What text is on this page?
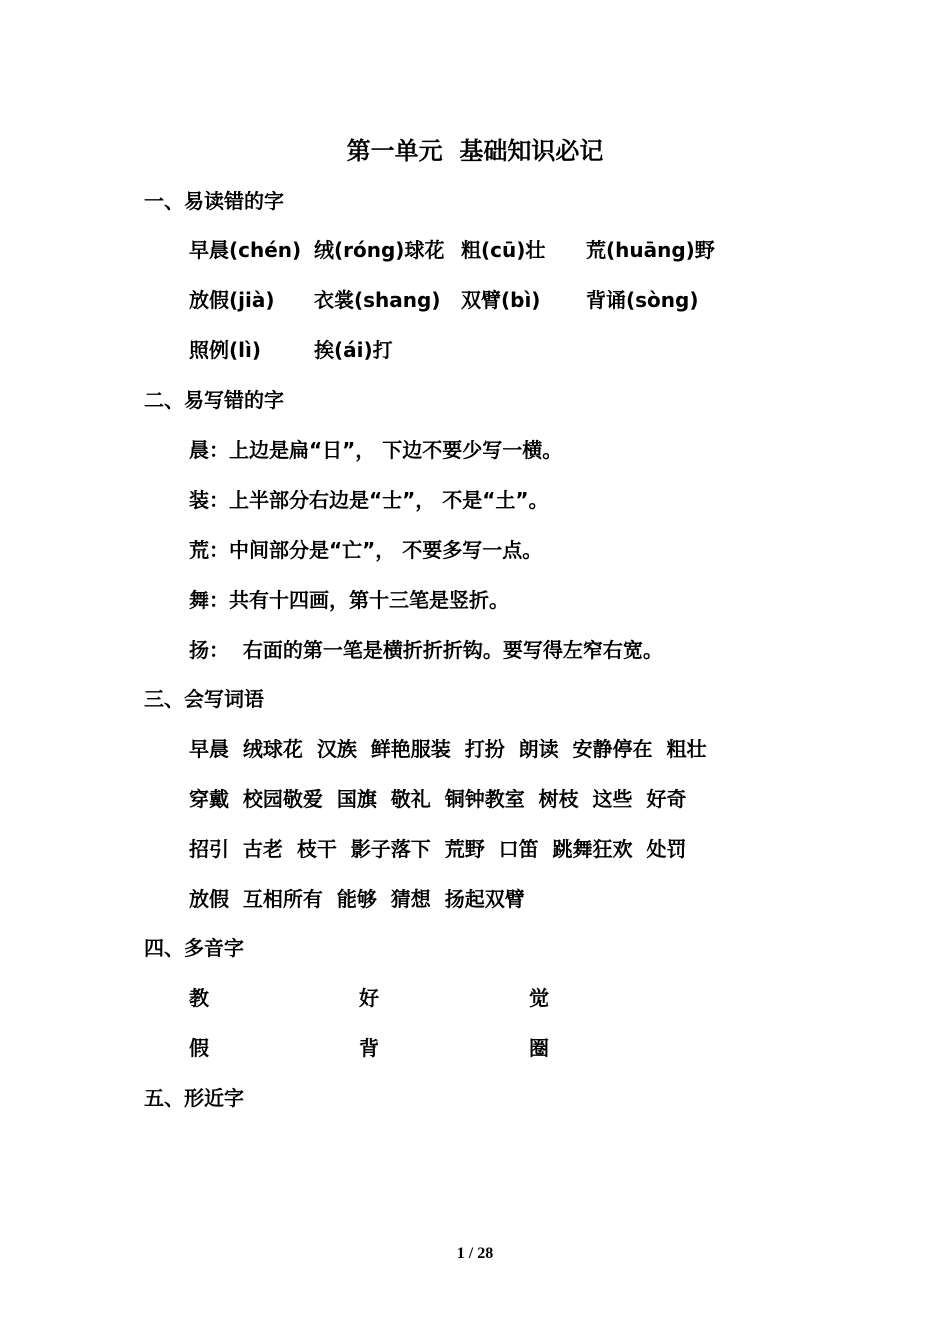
第一单元  基础知识必记
一、易读错的字
早晨(chén) 绒(róng)球花 粗(cū)壮 荒(huāng)野
放假(jià) 衣裳(shang) 双臂(bì) 背诵(sòng)
照例(lì)	挨(ái)打
二、易写错的字
晨：上边是扁“日”， 下边不要少写一横。
装：上半部分右边是“士”， 不是“土”。
荒：中间部分是“亡”， 不要多写一点。
舞：共有十四画，第十三笔是竖折。
扬：  右面的第一笔是横折折折钩。要写得左窄右宽。
三、会写词语
早晨  绒球花  汉族  鲜艳服装  打扮  朗读  安静停在  粗壮
穿戴  校园敬爱  国旗  敬礼  铜钟教室  树枝  这些  好奇
招引  古老  枝干  影子落下  荒野  口笛  跳舞狂欢  处罚
放假  互相所有  能够  猜想  扬起双臂
四、多音字
教	好	觉
假	背	圈
五、形近字
1 / 28
